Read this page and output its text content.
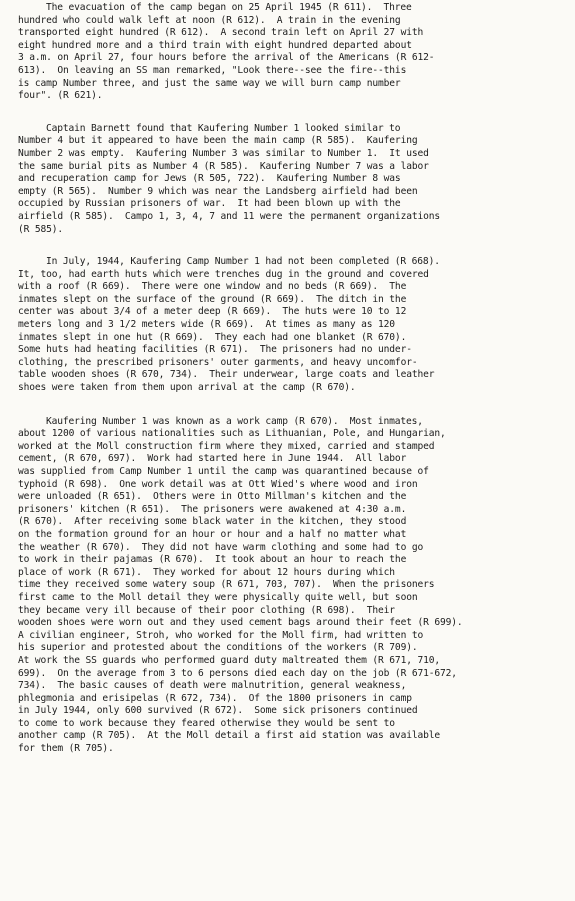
The evacuation of the camp began on 25 April 1945 (R 611).  Three
hundred who could walk left at noon (R 612).  A train in the evening
transported eight hundred (R 612).  A second train left on April 27 with
eight hundred more and a third train with eight hundred departed about
3 a.m. on April 27, four hours before the arrival of the Americans (R 612-
613).  On leaving an SS man remarked, "Look there--see the fire--this
is camp Number three, and just the same way we will burn camp number
four". (R 621).
Captain Barnett found that Kaufering Number 1 looked similar to
Number 4 but it appeared to have been the main camp (R 585).  Kaufering
Number 2 was empty.  Kaufering Number 3 was similar to Number 1.  It used
the same burial pits as Number 4 (R 585).  Kaufering Number 7 was a labor
and recuperation camp for Jews (R 505, 722).  Kaufering Number 8 was
empty (R 565).  Number 9 which was near the Landsberg airfield had been
occupied by Russian prisoners of war.  It had been blown up with the
airfield (R 585).  Campo 1, 3, 4, 7 and 11 were the permanent organizations
(R 585).
In July, 1944, Kaufering Camp Number 1 had not been completed (R 668).
It, too, had earth huts which were trenches dug in the ground and covered
with a roof (R 669).  There were one window and no beds (R 669).  The
inmates slept on the surface of the ground (R 669).  The ditch in the
center was about 3/4 of a meter deep (R 669).  The huts were 10 to 12
meters long and 3 1/2 meters wide (R 669).  At times as many as 120
inmates slept in one hut (R 669).  They each had one blanket (R 670).
Some huts had heating facilities (R 671).  The prisoners had no under-
clothing, the prescribed prisoners' outer garments, and heavy uncomfor-
table wooden shoes (R 670, 734).  Their underwear, large coats and leather
shoes were taken from them upon arrival at the camp (R 670).
Kaufering Number 1 was known as a work camp (R 670).  Most inmates,
about 1200 of various nationalities such as Lithuanian, Pole, and Hungarian,
worked at the Moll construction firm where they mixed, carried and stamped
cement, (R 670, 697).  Work had started here in June 1944.  All labor
was supplied from Camp Number 1 until the camp was quarantined because of
typhoid (R 698).  One work detail was at Ott Wied's where wood and iron
were unloaded (R 651).  Others were in Otto Millman's kitchen and the
prisoners' kitchen (R 651).  The prisoners were awakened at 4:30 a.m.
(R 670).  After receiving some black water in the kitchen, they stood
on the formation ground for an hour or hour and a half no matter what
the weather (R 670).  They did not have warm clothing and some had to go
to work in their pajamas (R 670).  It took about an hour to reach the
place of work (R 671).  They worked for about 12 hours during which
time they received some watery soup (R 671, 703, 707).  When the prisoners
first came to the Moll detail they were physically quite well, but soon
they became very ill because of their poor clothing (R 698).  Their
wooden shoes were worn out and they used cement bags around their feet (R 699).
A civilian engineer, Stroh, who worked for the Moll firm, had written to
his superior and protested about the conditions of the workers (R 709).
At work the SS guards who performed guard duty maltreated them (R 671, 710,
699).  On the average from 3 to 6 persons died each day on the job (R 671-672,
734).  The basic causes of death were malnutrition, general weakness,
phlegmonia and erisipelas (R 672, 734).  Of the 1800 prisoners in camp
in July 1944, only 600 survived (R 672).  Some sick prisoners continued
to come to work because they feared otherwise they would be sent to
another camp (R 705).  At the Moll detail a first aid station was available
for them (R 705).
